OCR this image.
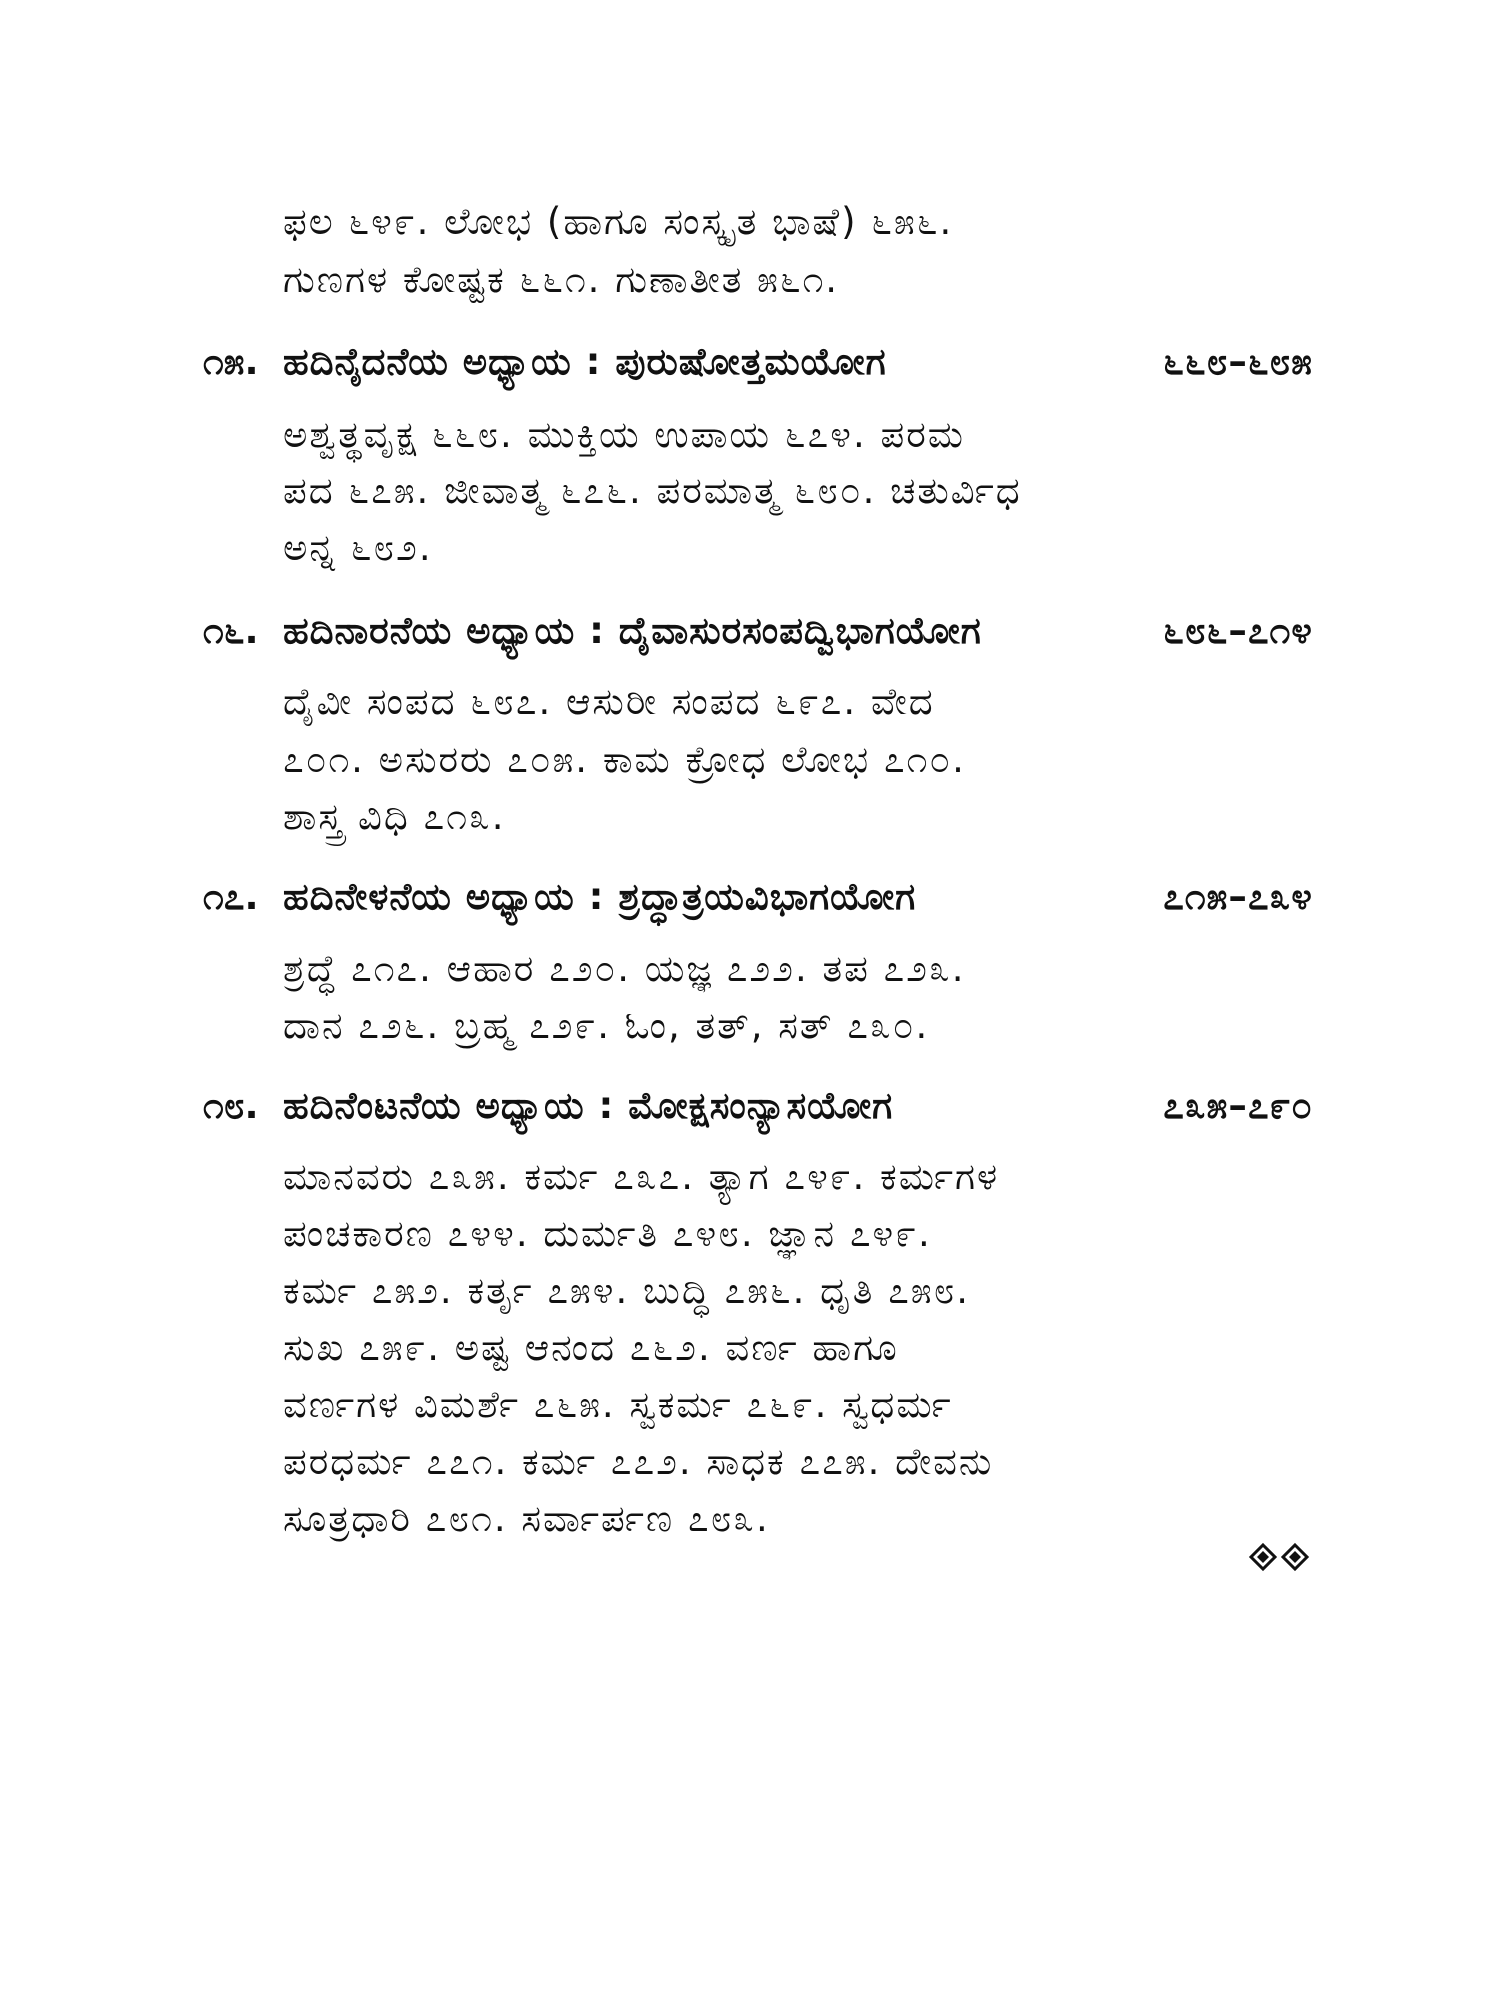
ಫಲ ೬೪೯. ಲೋಭ (ಹಾಗೂ ಸಂಸ್ಕೃತ ಭಾಷೆ) ೬೫೬.
ಗುಣಗಳ ಕೋಷ್ಟಕ ೬೬೧. ಗುಣಾತೀತ ೫೬೧.
೧೫. ಹದಿನೈದನೆಯ ಅಧ್ಯಾಯ : ಪುರುಷೋತ್ತಮಯೋಗ	೬೬೮–೬೮೫
ಅಶ್ವತ್ಥವೃಕ್ಷ ೬೬೮. ಮುಕ್ತಿಯ ಉಪಾಯ ೬೭೪. ಪರಮ
ಪದ ೬೭೫. ಜೀವಾತ್ಮ ೬೭೬. ಪರಮಾತ್ಮ ೬೮೦. ಚತುರ್ವಿಧ
ಅನ್ನ ೬೮೨.
೧೬. ಹದಿನಾರನೆಯ ಅಧ್ಯಾಯ : ದೈವಾಸುರಸಂಪದ್ವಿಭಾಗಯೋಗ	೬೮೬–೭೧೪
ದೈವೀ ಸಂಪದ ೬೮೭. ಆಸುರೀ ಸಂಪದ ೬೯೭. ವೇದ
೭೦೧. ಅಸುರರು ೭೦೫. ಕಾಮ ಕ್ರೋಧ ಲೋಭ ೭೧೦.
ಶಾಸ್ತ್ರ ವಿಧಿ ೭೧೩.
೧೭. ಹದಿನೇಳನೆಯ ಅಧ್ಯಾಯ : ಶ್ರದ್ಧಾತ್ರಯವಿಭಾಗಯೋಗ	೭೧೫–೭೩೪
ಶ್ರದ್ಧೆ ೭೧೭. ಆಹಾರ ೭೨೦. ಯಜ್ಞ ೭೨೨. ತಪ ೭೨೩.
ದಾನ ೭೨೬. ಬ್ರಹ್ಮ ೭೨೯. ಓಂ, ತತ್, ಸತ್ ೭೩೦.
೧೮. ಹದಿನೆಂಟನೆಯ ಅಧ್ಯಾಯ : ಮೋಕ್ಷಸಂನ್ಯಾಸಯೋಗ	೭೩೫–೭೯೦
ಮಾನವರು ೭೩೫. ಕರ್ಮ ೭೩೭. ತ್ಯಾಗ ೭೪೯. ಕರ್ಮಗಳ
ಪಂಚಕಾರಣ ೭೪೪. ದುರ್ಮತಿ ೭೪೮. ಜ್ಞಾನ ೭೪೯.
ಕರ್ಮ ೭೫೨. ಕರ್ತೃ ೭೫೪. ಬುದ್ಧಿ ೭೫೬. ಧೃತಿ ೭೫೮.
ಸುಖ ೭೫೯. ಅಷ್ಟ ಆನಂದ ೭೬೨. ವರ್ಣ ಹಾಗೂ
ವರ್ಣಗಳ ವಿಮರ್ಶೆ ೭೬೫. ಸ್ವಕರ್ಮ ೭೬೯. ಸ್ವಧರ್ಮ
ಪರಧರ್ಮ ೭೭೧. ಕರ್ಮ ೭೭೨. ಸಾಧಕ ೭೭೫. ದೇವನು
ಸೂತ್ರಧಾರಿ ೭೮೧. ಸರ್ವಾರ್ಪಣ ೭೮೩.
